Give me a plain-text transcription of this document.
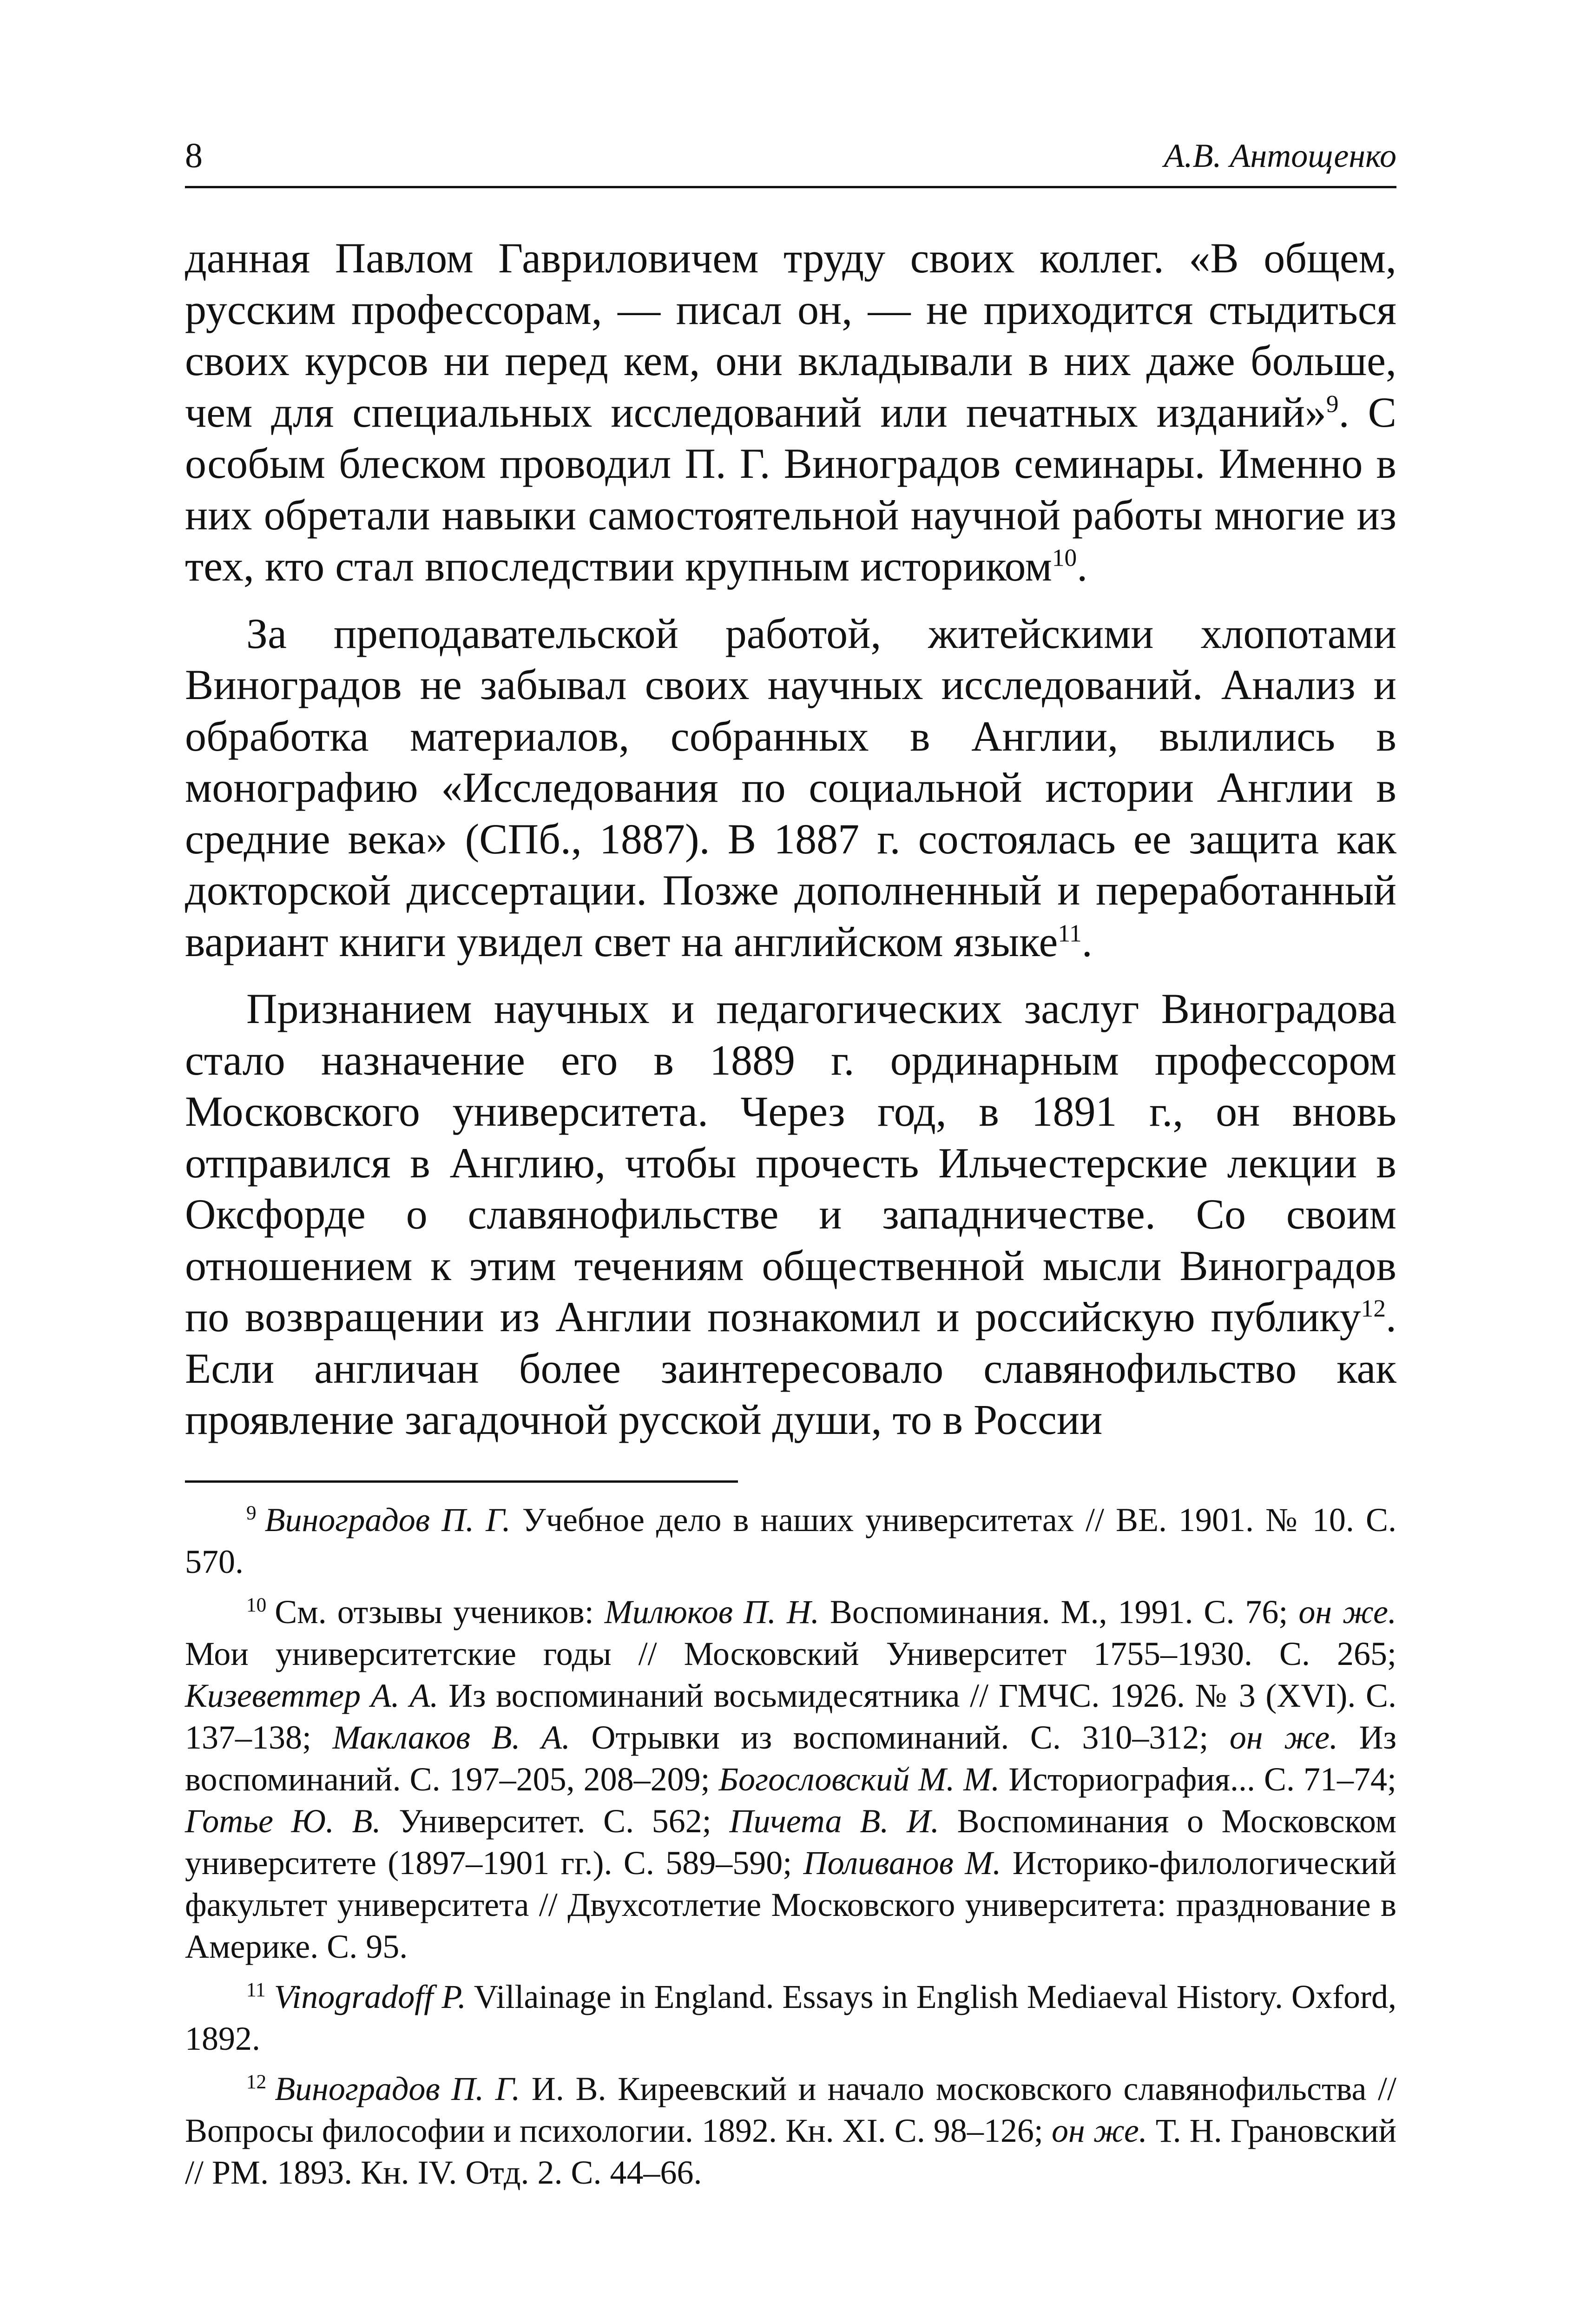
8	А.В. Антощенко

данная Павлом Гавриловичем труду своих коллег. «В общем, русским профессорам, — писал он, — не приходится стыдиться своих курсов ни перед кем, они вкладывали в них даже больше, чем для специальных исследований или печатных изданий»$^9$. С особым блеском проводил П. Г. Виноградов семинары. Именно в них обретали навыки самостоятельной научной работы многие из тех, кто стал впоследствии крупным историком$^{10}$.

За преподавательской работой, житейскими хлопотами Виноградов не забывал своих научных исследований. Анализ и обработка материалов, собранных в Англии, вылились в монографию «Исследования по социальной истории Англии в средние века» (СПб., 1887). В 1887 г. состоялась ее защита как докторской диссертации. Позже дополненный и переработанный вариант книги увидел свет на английском языке$^{11}$.

Признанием научных и педагогических заслуг Виноградова стало назначение его в 1889 г. ординарным профессором Московского университета. Через год, в 1891 г., он вновь отправился в Англию, чтобы прочесть Ильчестерские лекции в Оксфорде о славянофильстве и западничестве. Со своим отношением к этим течениям общественной мысли Виноградов по возвращении из Англии познакомил и российскую публику$^{12}$. Если англичан более заинтересовало славянофильство как проявление загадочной русской души, то в России

$^9$ Виноградов П. Г. Учебное дело в наших университетах // ВЕ. 1901. № 10. С. 570.

$^{10}$ См. отзывы учеников: Милюков П. Н. Воспоминания. М., 1991. С. 76; он же. Мои университетские годы // Московский Университет 1755–1930. С. 265; Кизеветтер А. А. Из воспоминаний восьмидесятника // ГМЧС. 1926. № 3 (XVI). С. 137–138; Маклаков В. А. Отрывки из воспоминаний. С. 310–312; он же. Из воспоминаний. С. 197–205, 208–209; Богословский М. М. Историография... С. 71–74; Готье Ю. В. Университет. С. 562; Пичета В. И. Воспоминания о Московском университете (1897–1901 гг.). С. 589–590; Поливанов М. Историко-филологический факультет университета // Двухсотлетие Московского университета: празднование в Америке. С. 95.

$^{11}$ Vinogradoff P. Villainage in England. Essays in English Mediaeval History. Oxford, 1892.

$^{12}$ Виноградов П. Г. И. В. Киреевский и начало московского славянофильства // Вопросы философии и психологии. 1892. Кн. XI. С. 98–126; он же. Т. Н. Грановский // РМ. 1893. Кн. IV. Отд. 2. С. 44–66.
